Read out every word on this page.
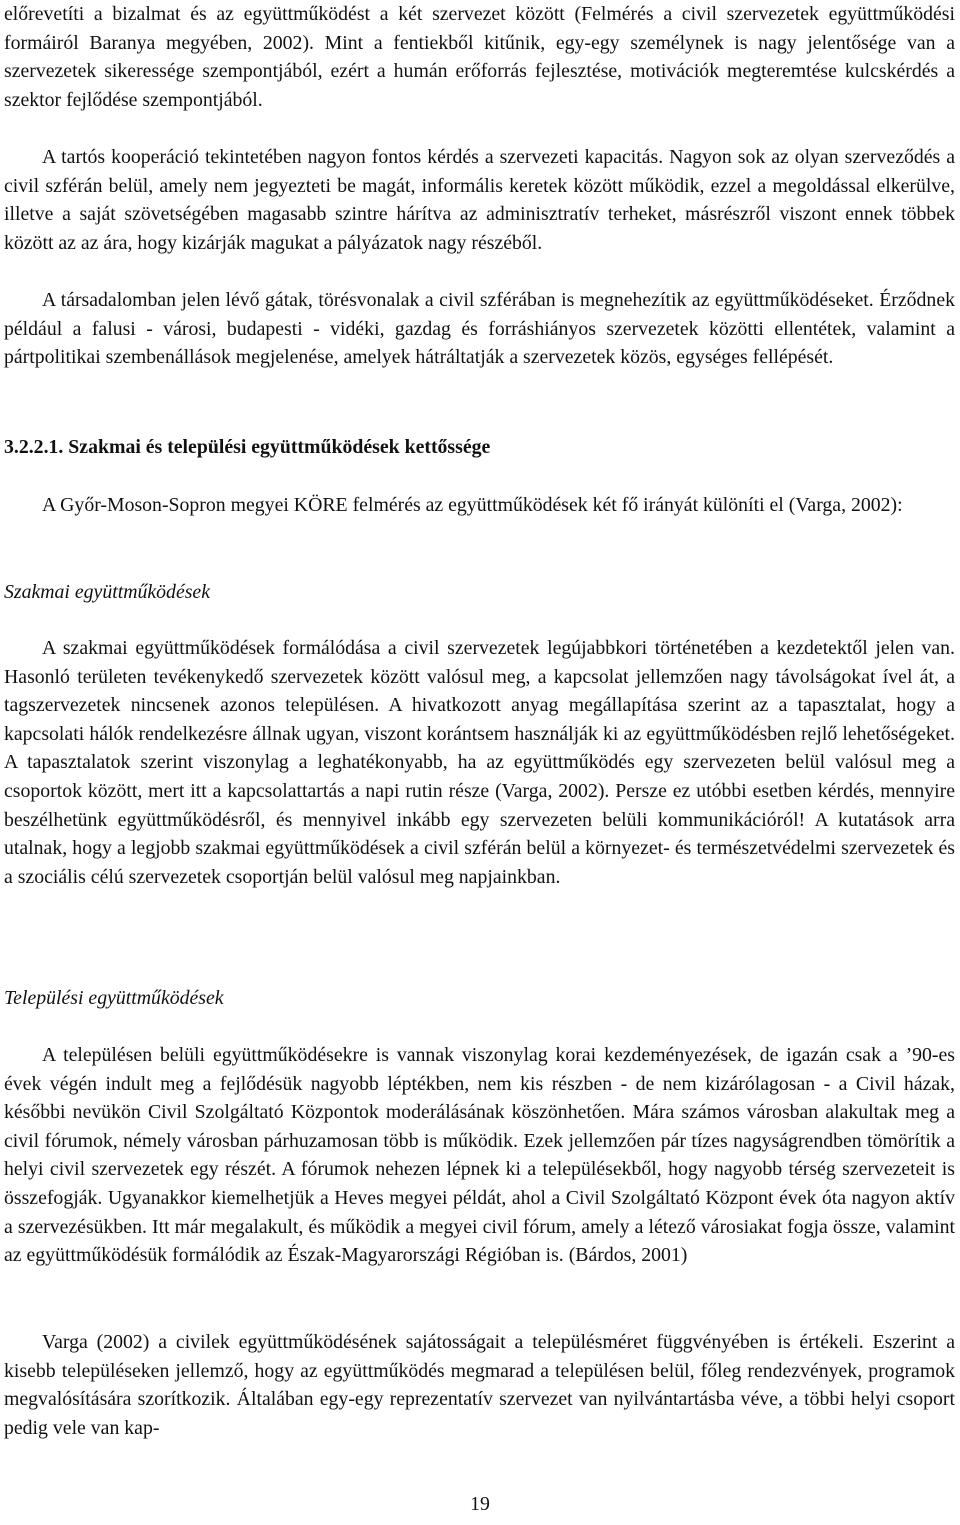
előrevetíti a bizalmat és az együttműködést a két szervezet között (Felmérés a civil szervezetek együttműködési formáiról Baranya megyében, 2002). Mint a fentiekből kitűnik, egy-egy személynek is nagy jelentősége van a szervezetek sikeressége szempontjából, ezért a humán erőforrás fejlesztése, motivációk megteremtése kulcskérdés a szektor fejlődése szempontjából.

A tartós kooperáció tekintetében nagyon fontos kérdés a szervezeti kapacitás. Nagyon sok az olyan szerveződés a civil szférán belül, amely nem jegyezteti be magát, informális keretek között működik, ezzel a megoldással elkerülve, illetve a saját szövetségében magasabb szintre hárítva az adminisztratív terheket, másrészről viszont ennek többek között az az ára, hogy kizárják magukat a pályázatok nagy részéből.

A társadalomban jelen lévő gátak, törésvonalak a civil szférában is megnehezítik az együttműködéseket. Érződnek például a falusi - városi, budapesti - vidéki, gazdag és forráshiányos szervezetek közötti ellentétek, valamint a pártpolitikai szembenállások megjelenése, amelyek hátráltatják a szervezetek közös, egységes fellépését.

3.2.2.1. Szakmai és települési együttműködések kettőssége

A Győr-Moson-Sopron megyei KÖRE felmérés az együttműködések két fő irányát különíti el (Varga, 2002):

Szakmai együttműködések

A szakmai együttműködések formálódása a civil szervezetek legújabbkori történetében a kezdetektől jelen van. Hasonló területen tevékenykedő szervezetek között valósul meg, a kapcsolat jellemzően nagy távolságokat ível át, a tagszervezetek nincsenek azonos településen. A hivatkozott anyag megállapítása szerint az a tapasztalat, hogy a kapcsolati hálók rendelkezésre állnak ugyan, viszont korántsem használják ki az együttműködésben rejlő lehetőségeket. A tapasztalatok szerint viszonylag a leghatékonyabb, ha az együttműködés egy szervezeten belül valósul meg a csoportok között, mert itt a kapcsolattartás a napi rutin része (Varga, 2002). Persze ez utóbbi esetben kérdés, mennyire beszélhetünk együttműködésről, és mennyivel inkább egy szervezeten belüli kommunikációról! A kutatások arra utalnak, hogy a legjobb szakmai együttműködések a civil szférán belül a környezet- és természetvédelmi szervezetek és a szociális célú szervezetek csoportján belül valósul meg napjainkban.

Települési együttműködések

A településen belüli együttműködésekre is vannak viszonylag korai kezdeményezések, de igazán csak a ’90-es évek végén indult meg a fejlődésük nagyobb léptékben, nem kis részben - de nem kizárólagosan - a Civil házak, későbbi nevükön Civil Szolgáltató Központok moderálásának köszönhetően. Mára számos városban alakultak meg a civil fórumok, némely városban párhuzamosan több is működik. Ezek jellemzően pár tízes nagyságrendben tömörítik a helyi civil szervezetek egy részét. A fórumok nehezen lépnek ki a településekből, hogy nagyobb térség szervezeteit is összefogják. Ugyanakkor kiemelhetjük a Heves megyei példát, ahol a Civil Szolgáltató Központ évek óta nagyon aktív a szervezésükben. Itt már megalakult, és működik a megyei civil fórum, amely a létező városiakat fogja össze, valamint az együttműködésük formálódik az Észak-Magyarországi Régióban is. (Bárdos, 2001)

Varga (2002) a civilek együttműködésének sajátosságait a településméret függvényében is értékeli. Eszerint a kisebb településeken jellemző, hogy az együttműködés megmarad a településen belül, főleg rendezvények, programok megvalósítására szorítkozik. Általában egy-egy reprezentatív szervezet van nyilvántartásba véve, a többi helyi csoport pedig vele van kap-

19
